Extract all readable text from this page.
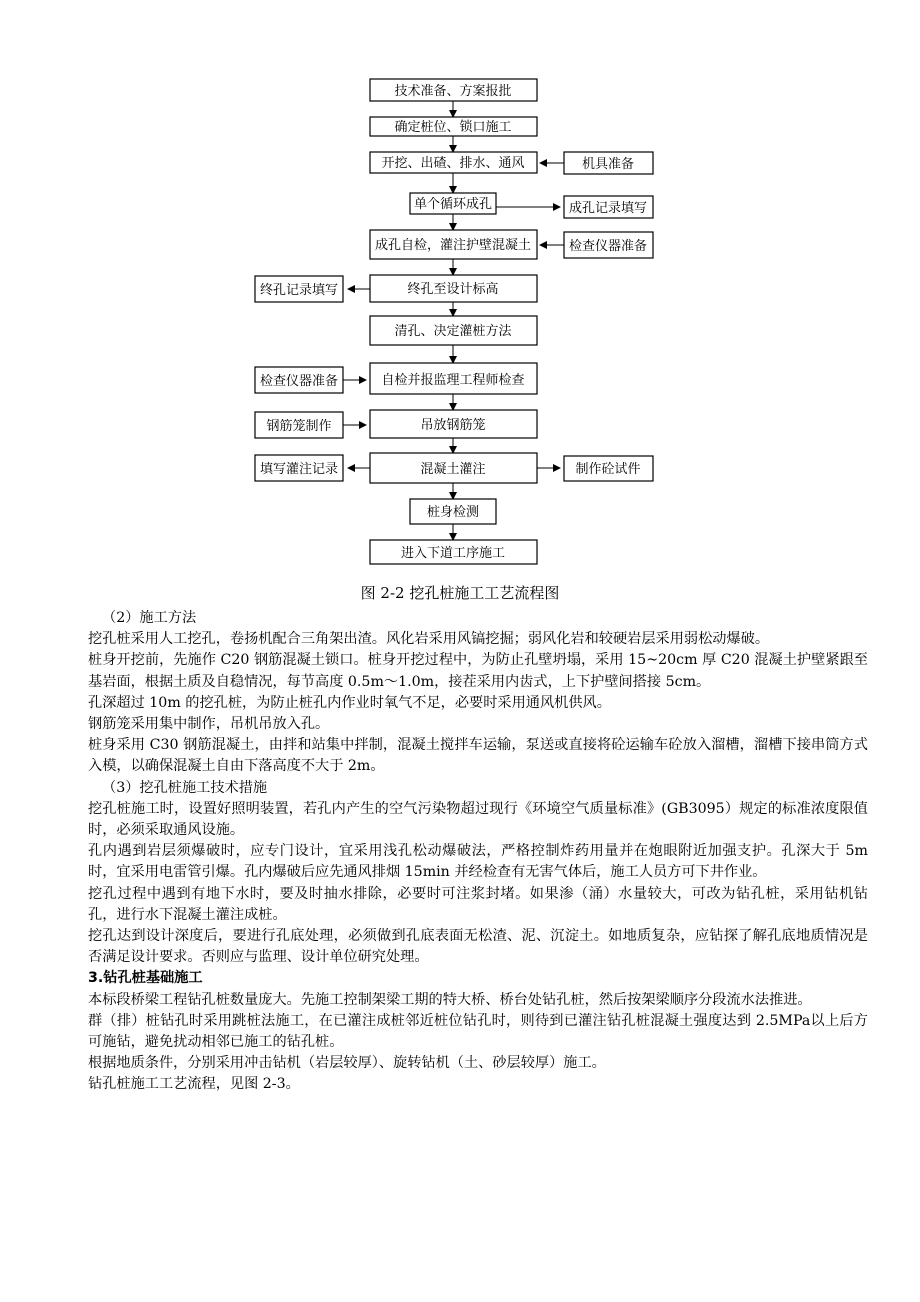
技术准备、方案报批
确定桩位、锁口施工
开挖、出碴、排水、通风
单个循环成孔
成孔自检，灌注护壁混凝土
终孔至设计标高
清孔、决定灌桩方法
自检并报监理工程师检查
吊放钢筋笼
混凝土灌注
桩身检测
进入下道工序施工
机具准备
成孔记录填写
检查仪器准备
制作砼试件
终孔记录填写
检查仪器准备
钢筋笼制作
填写灌注记录
图 2-2 挖孔桩施工工艺流程图

（2）施工方法

挖孔桩采用人工挖孔，卷扬机配合三角架出渣。风化岩采用风镐挖掘；弱风化岩和较硬岩层采用弱松动爆破。

桩身开挖前，先施作 C20 钢筋混凝土锁口。桩身开挖过程中，为防止孔壁坍塌，采用 15~20cm 厚 C20 混凝土护壁紧跟至基岩面，根据土质及自稳情况，每节高度 0.5m～1.0m，接茬采用内齿式，上下护壁间搭接 5cm。

孔深超过 10m 的挖孔桩，为防止桩孔内作业时氧气不足，必要时采用通风机供风。

钢筋笼采用集中制作，吊机吊放入孔。

桩身采用 C30 钢筋混凝土，由拌和站集中拌制，混凝土搅拌车运输，泵送或直接将砼运输车砼放入溜槽，溜槽下接串筒方式入模，以确保混凝土自由下落高度不大于 2m。

（3）挖孔桩施工技术措施

挖孔桩施工时，设置好照明装置，若孔内产生的空气污染物超过现行《环境空气质量标准》(GB3095）规定的标准浓度限值时，必须采取通风设施。

孔内遇到岩层须爆破时，应专门设计，宜采用浅孔松动爆破法，严格控制炸药用量并在炮眼附近加强支护。孔深大于 5m 时，宜采用电雷管引爆。孔内爆破后应先通风排烟 15min 并经检查有无害气体后，施工人员方可下井作业。

挖孔过程中遇到有地下水时，要及时抽水排除，必要时可注浆封堵。如果渗（涌）水量较大，可改为钻孔桩，采用钻机钻孔，进行水下混凝土灌注成桩。

挖孔达到设计深度后，要进行孔底处理，必须做到孔底表面无松渣、泥、沉淀土。如地质复杂，应钻探了解孔底地质情况是否满足设计要求。否则应与监理、设计单位研究处理。

3.钻孔桩基础施工

本标段桥梁工程钻孔桩数量庞大。先施工控制架梁工期的特大桥、桥台处钻孔桩，然后按架梁顺序分段流水法推进。

群（排）桩钻孔时采用跳桩法施工，在已灌注成桩邻近桩位钻孔时，则待到已灌注钻孔桩混凝土强度达到 2.5MPa以上后方可施钻，避免扰动相邻已施工的钻孔桩。

根据地质条件，分别采用冲击钻机（岩层较厚）、旋转钻机（土、砂层较厚）施工。

钻孔桩施工工艺流程，见图 2-3。
